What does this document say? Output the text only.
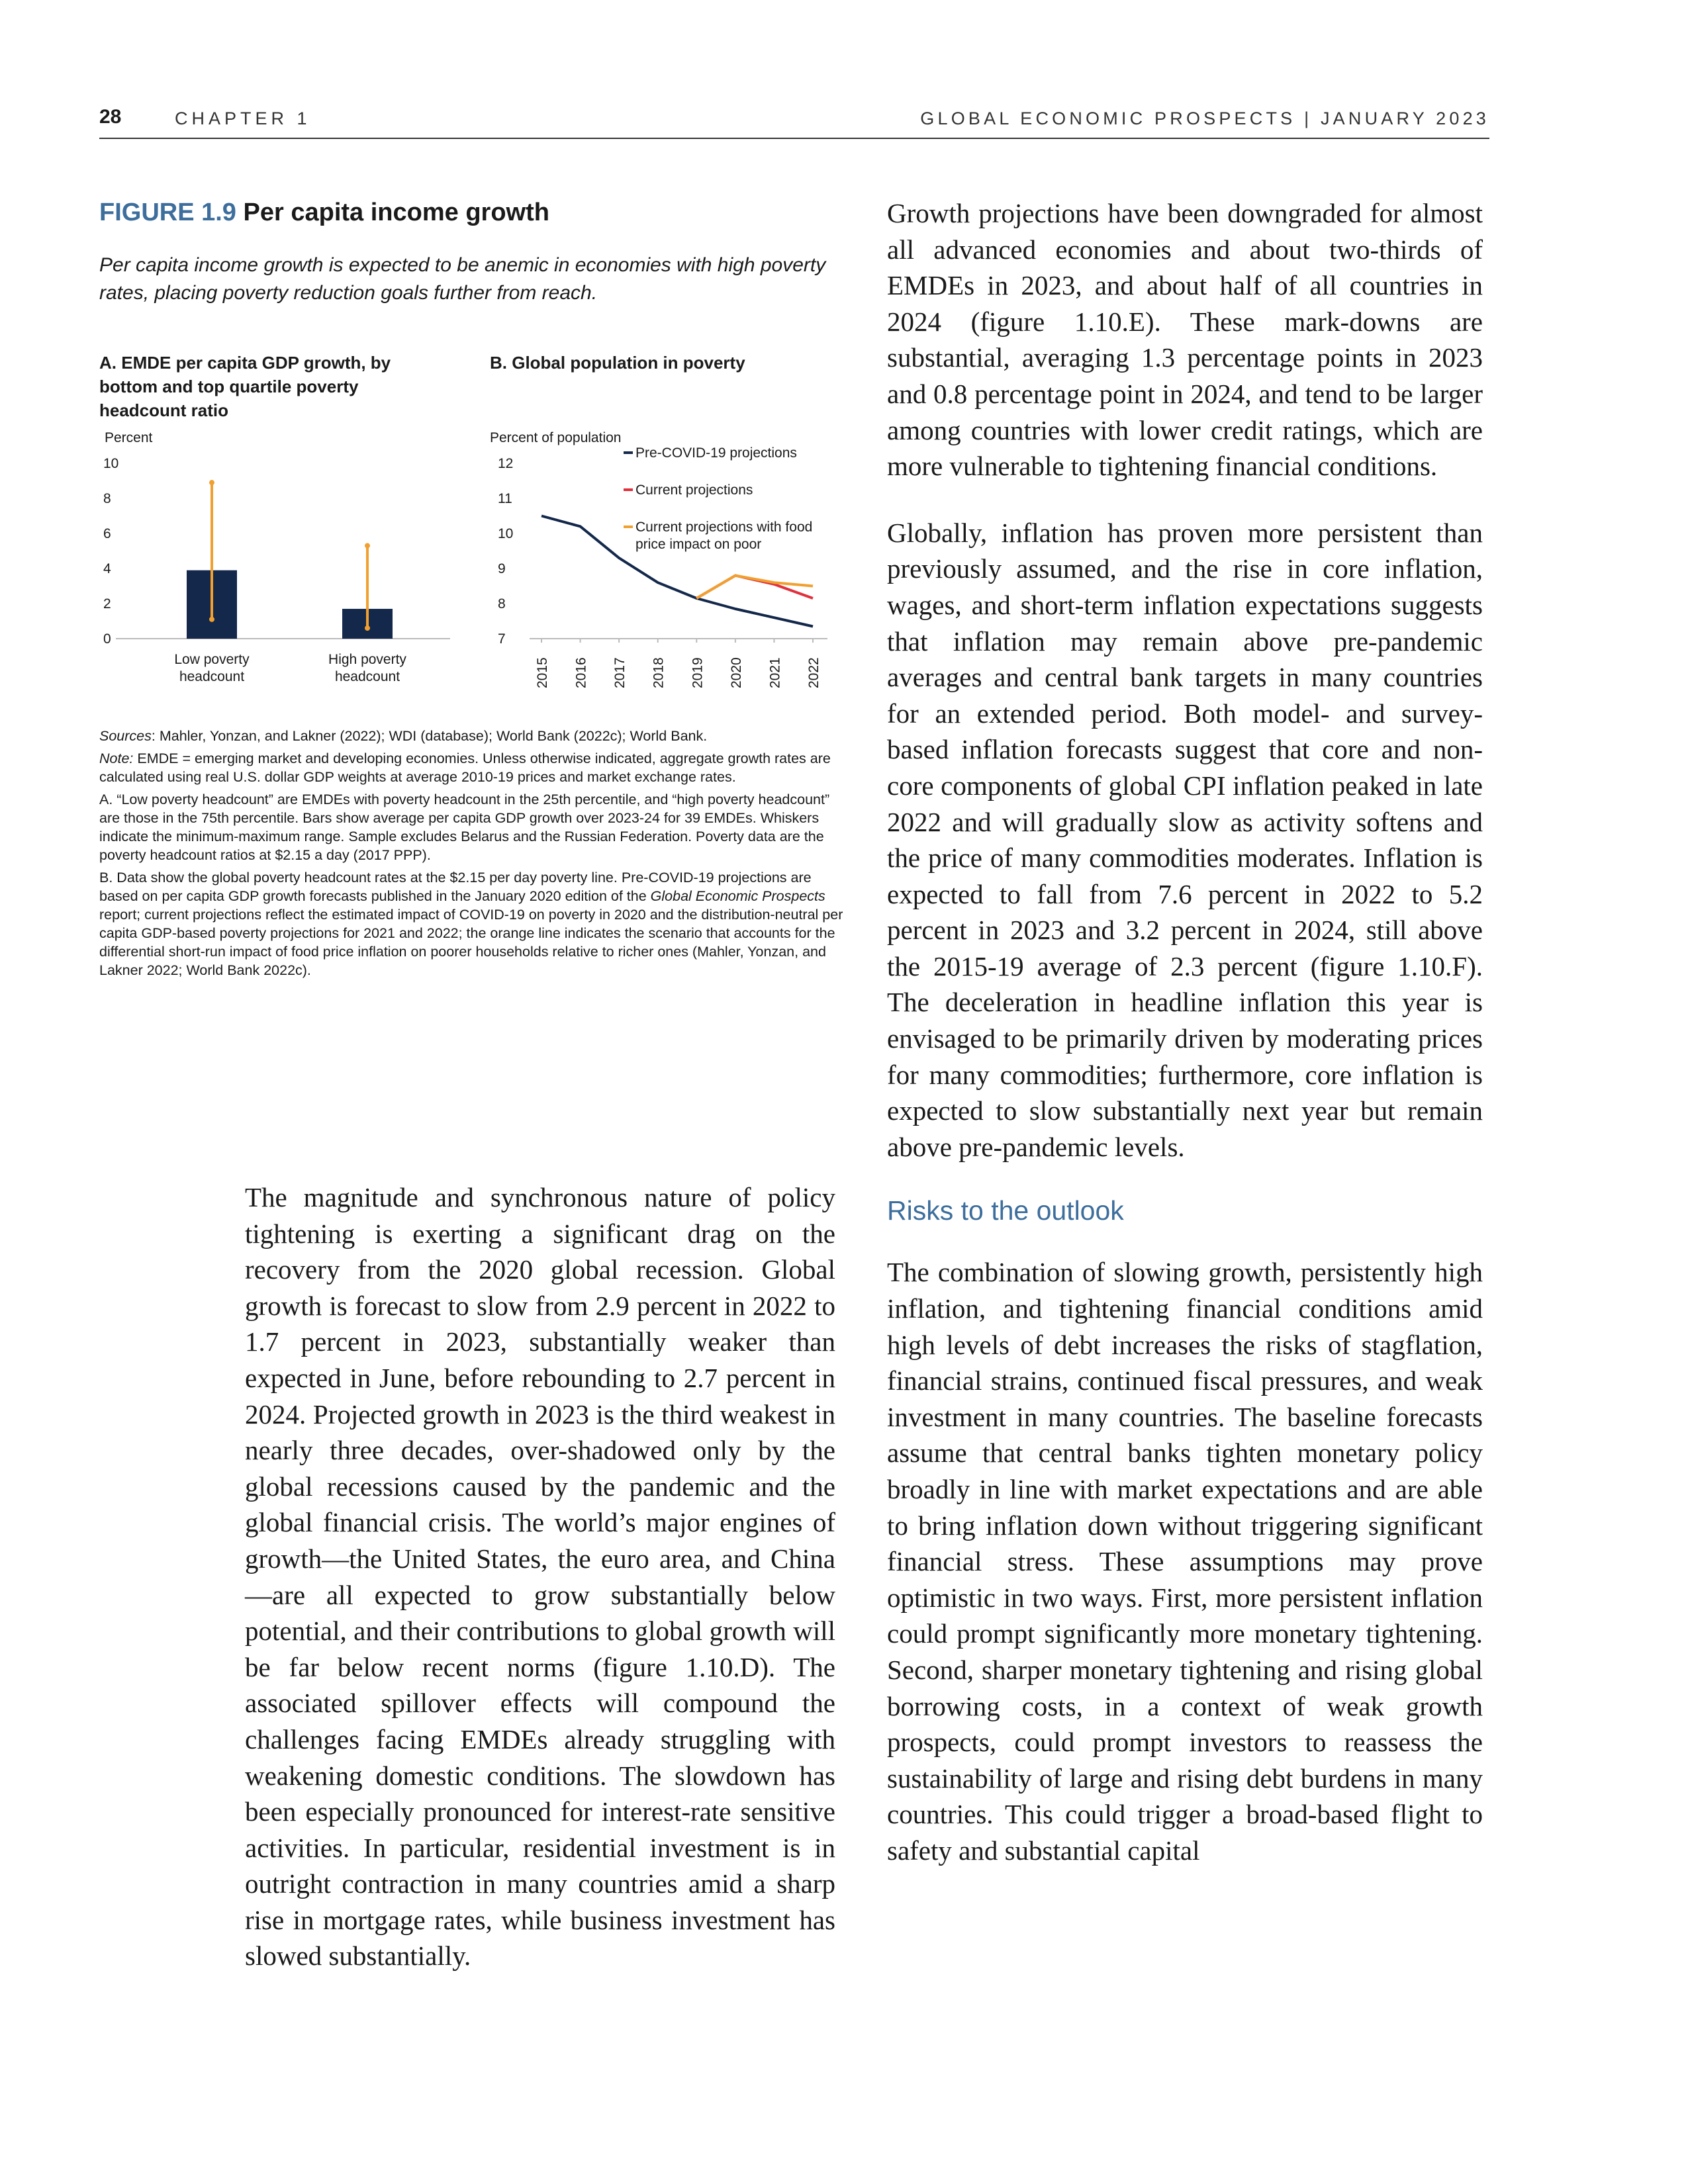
28	CHAPTER 1	GLOBAL ECONOMIC PROSPECTS | JANUARY 2023
FIGURE 1.9 Per capita income growth
Per capita income growth is expected to be anemic in economies with high poverty rates, placing poverty reduction goals further from reach.
A. EMDE per capita GDP growth, by bottom and top quartile poverty headcount ratio
B. Global population in poverty
Percent
0
2
4
6
8
10
Low poverty
headcount
High poverty
headcount
Percent of population
7
8
9
10
11
12
2015 2016 2017 2018 2019 2020 2021 2022
Pre-COVID-19 projections
Current projections
Current projections with food
price impact on poor

Sources: Mahler, Yonzan, and Lakner (2022); WDI (database); World Bank (2022c); World Bank.

Note: EMDE = emerging market and developing economies. Unless otherwise indicated, aggregate growth rates are calculated using real U.S. dollar GDP weights at average 2010-19 prices and market exchange rates.

A. “Low poverty headcount” are EMDEs with poverty headcount in the 25th percentile, and “high poverty headcount” are those in the 75th percentile. Bars show average per capita GDP growth over 2023-24 for 39 EMDEs. Whiskers indicate the minimum-maximum range. Sample excludes Belarus and the Russian Federation. Poverty data are the poverty headcount ratios at $2.15 a day (2017 PPP).

B. Data show the global poverty headcount rates at the $2.15 per day poverty line. Pre-COVID-19 projections are based on per capita GDP growth forecasts published in the January 2020 edition of the Global Economic Prospects report; current projections reflect the estimated impact of COVID-19 on poverty in 2020 and the distribution-neutral per capita GDP-based poverty projections for 2021 and 2022; the orange line indicates the scenario that accounts for the differential short-run impact of food price inflation on poorer households relative to richer ones (Mahler, Yonzan, and Lakner 2022; World Bank 2022c).

The magnitude and synchronous nature of policy tightening is exerting a significant drag on the recovery from the 2020 global recession. Global growth is forecast to slow from 2.9 percent in 2022 to 1.7 percent in 2023, substantially weaker than expected in June, before rebounding to 2.7 percent in 2024. Projected growth in 2023 is the third weakest in nearly three decades, over-shadowed only by the global recessions caused by the pandemic and the global financial crisis. The world’s major engines of growth—the United States, the euro area, and China—are all expected to grow substantially below potential, and their contributions to global growth will be far below recent norms (figure 1.10.D). The associated spillover effects will compound the challenges facing EMDEs already struggling with weakening domestic conditions. The slowdown has been especially pronounced for interest-rate sensitive activities. In particular, residential investment is in outright contraction in many countries amid a sharp rise in mortgage rates, while business investment has slowed substantially.

Growth projections have been downgraded for almost all advanced economies and about two-thirds of EMDEs in 2023, and about half of all countries in 2024 (figure 1.10.E). These mark-downs are substantial, averaging 1.3 percentage points in 2023 and 0.8 percentage point in 2024, and tend to be larger among countries with lower credit ratings, which are more vulnerable to tightening financial conditions.

Globally, inflation has proven more persistent than previously assumed, and the rise in core inflation, wages, and short-term inflation expectations suggests that inflation may remain above pre-pandemic averages and central bank targets in many countries for an extended period. Both model- and survey- based inflation forecasts suggest that core and non-core components of global CPI inflation peaked in late 2022 and will gradually slow as activity softens and the price of many commodities moderates. Inflation is expected to fall from 7.6 percent in 2022 to 5.2 percent in 2023 and 3.2 percent in 2024, still above the 2015-19 average of 2.3 percent (figure 1.10.F). The deceleration in headline inflation this year is envisaged to be primarily driven by moderating prices for many commodities; furthermore, core inflation is expected to slow substantially next year but remain above pre-pandemic levels.

Risks to the outlook

The combination of slowing growth, persistently high inflation, and tightening financial conditions amid high levels of debt increases the risks of stagflation, financial strains, continued fiscal pressures, and weak investment in many countries. The baseline forecasts assume that central banks tighten monetary policy broadly in line with market expectations and are able to bring inflation down without triggering significant financial stress. These assumptions may prove optimistic in two ways. First, more persistent inflation could prompt significantly more monetary tightening. Second, sharper monetary tightening and rising global borrowing costs, in a context of weak growth prospects, could prompt investors to reassess the sustainability of large and rising debt burdens in many countries. This could trigger a broad-based flight to safety and substantial capital
